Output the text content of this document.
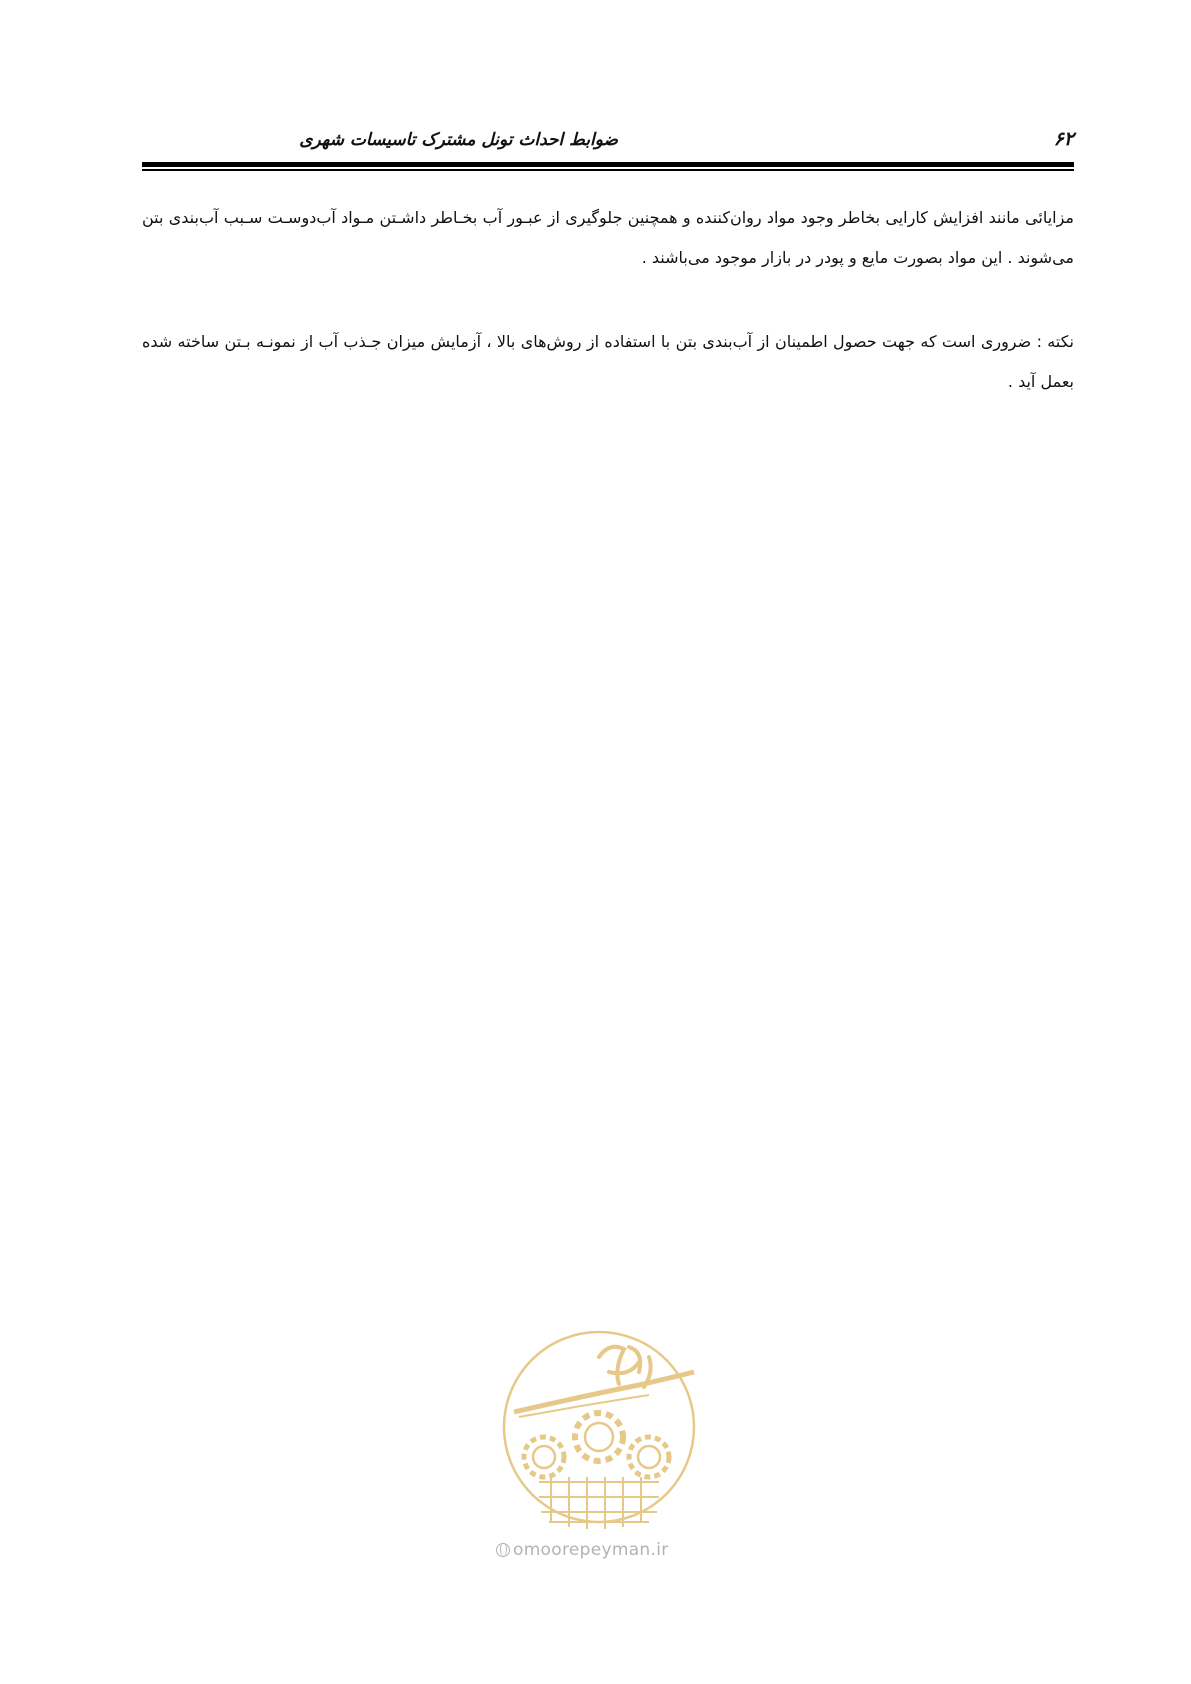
ضوابط احداث تونل مشترک تاسیسات شهری	۶۲

مزایائی مانند افزایش کارایی بخاطر وجود مواد روان‌کننده و همچنین جلوگیری از عبـور آب بخـاطر داشـتن مـواد آب‌دوسـت سـبب آب‌بندی بتن می‌شوند . این مواد بصورت مایع و پودر در بازار موجود می‌باشند .

نکته : ضروری است که جهت حصول اطمینان از آب‌بندی بتن با استفاده از روش‌های بالا ، آزمایش میزان جـذب آب از نمونـه بـتن ساخته شده بعمل آید .

omoorepeyman.ir
